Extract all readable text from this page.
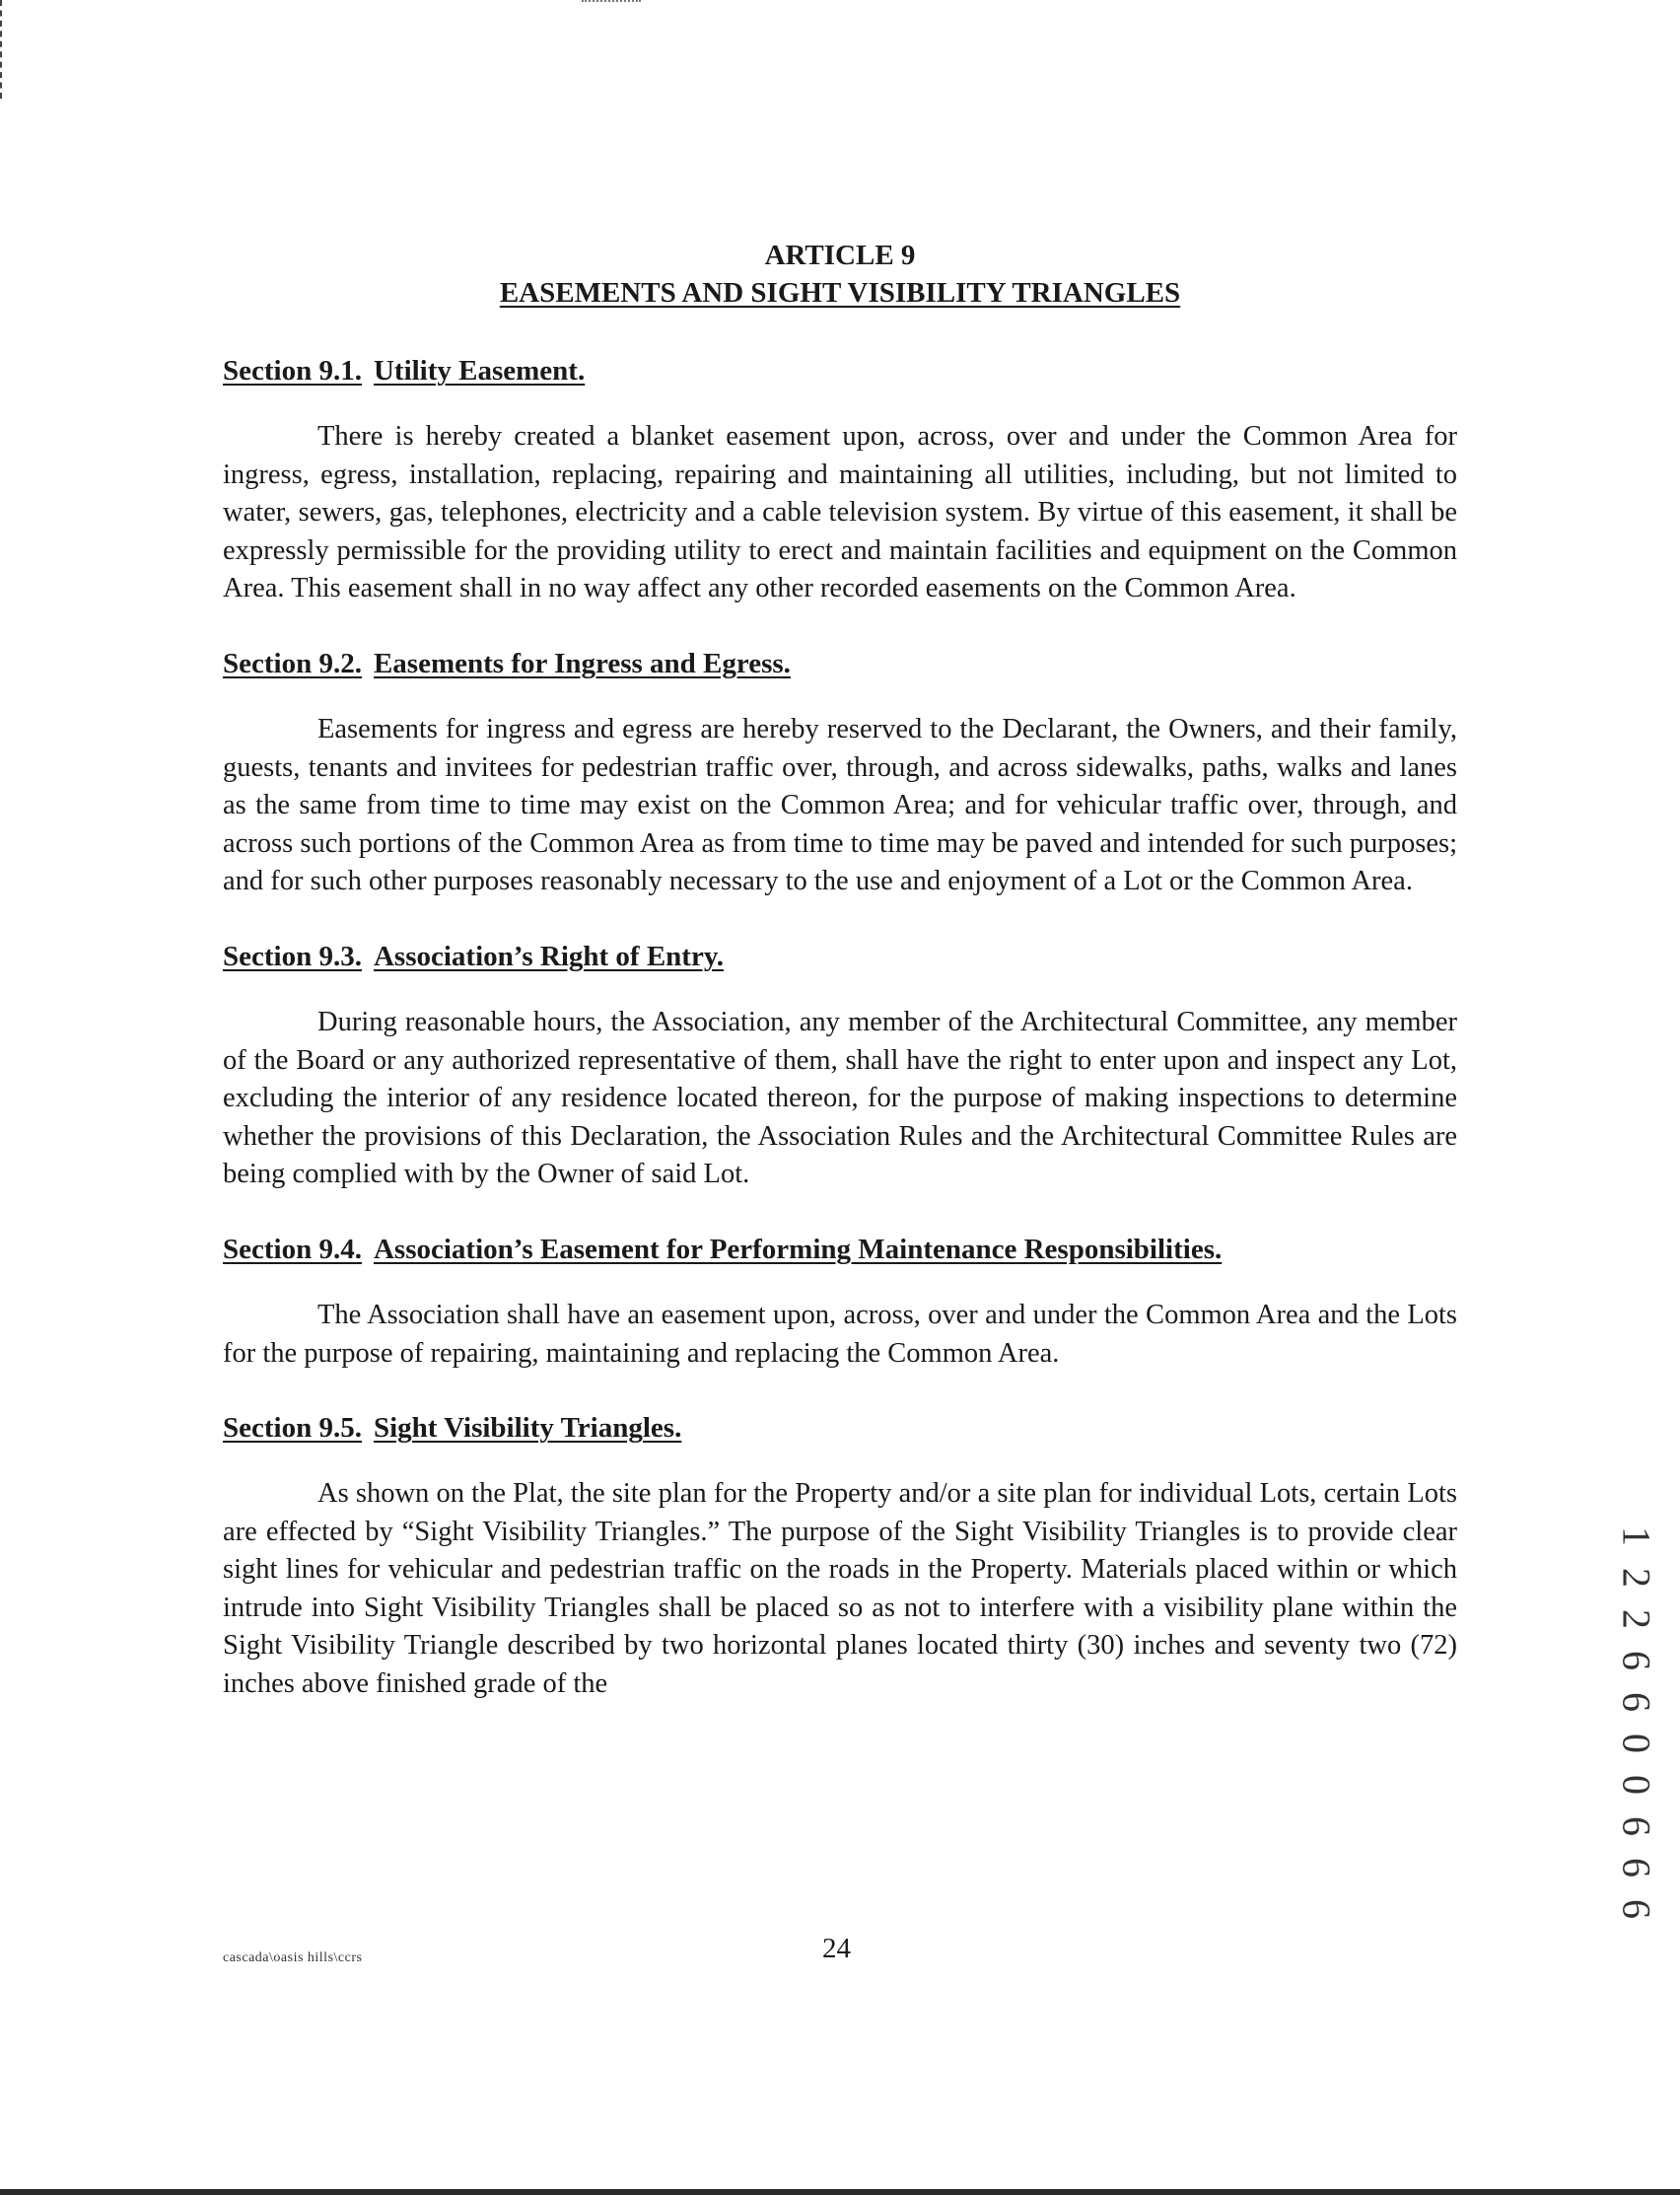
ARTICLE 9
EASEMENTS AND SIGHT VISIBILITY TRIANGLES
Section 9.1. Utility Easement.

There is hereby created a blanket easement upon, across, over and under the Common Area for ingress, egress, installation, replacing, repairing and maintaining all utilities, including, but not limited to water, sewers, gas, telephones, electricity and a cable television system. By virtue of this easement, it shall be expressly permissible for the providing utility to erect and maintain facilities and equipment on the Common Area. This easement shall in no way affect any other recorded easements on the Common Area.

Section 9.2. Easements for Ingress and Egress.

Easements for ingress and egress are hereby reserved to the Declarant, the Owners, and their family, guests, tenants and invitees for pedestrian traffic over, through, and across sidewalks, paths, walks and lanes as the same from time to time may exist on the Common Area; and for vehicular traffic over, through, and across such portions of the Common Area as from time to time may be paved and intended for such purposes; and for such other purposes reasonably necessary to the use and enjoyment of a Lot or the Common Area.

Section 9.3. Association’s Right of Entry.

During reasonable hours, the Association, any member of the Architectural Committee, any member of the Board or any authorized representative of them, shall have the right to enter upon and inspect any Lot, excluding the interior of any residence located thereon, for the purpose of making inspections to determine whether the provisions of this Declaration, the Association Rules and the Architectural Committee Rules are being complied with by the Owner of said Lot.

Section 9.4. Association’s Easement for Performing Maintenance Responsibilities.

The Association shall have an easement upon, across, over and under the Common Area and the Lots for the purpose of repairing, maintaining and replacing the Common Area.

Section 9.5. Sight Visibility Triangles.

As shown on the Plat, the site plan for the Property and/or a site plan for individual Lots, certain Lots are effected by “Sight Visibility Triangles.” The purpose of the Sight Visibility Triangles is to provide clear sight lines for vehicular and pedestrian traffic on the roads in the Property. Materials placed within or which intrude into Sight Visibility Triangles shall be placed so as not to interfere with a visibility plane within the Sight Visibility Triangle described by two horizontal planes located thirty (30) inches and seventy two (72) inches above finished grade of the

cascada\oasis hills\ccrs	24
1 2 2 6 6 0 0 6 6 6
